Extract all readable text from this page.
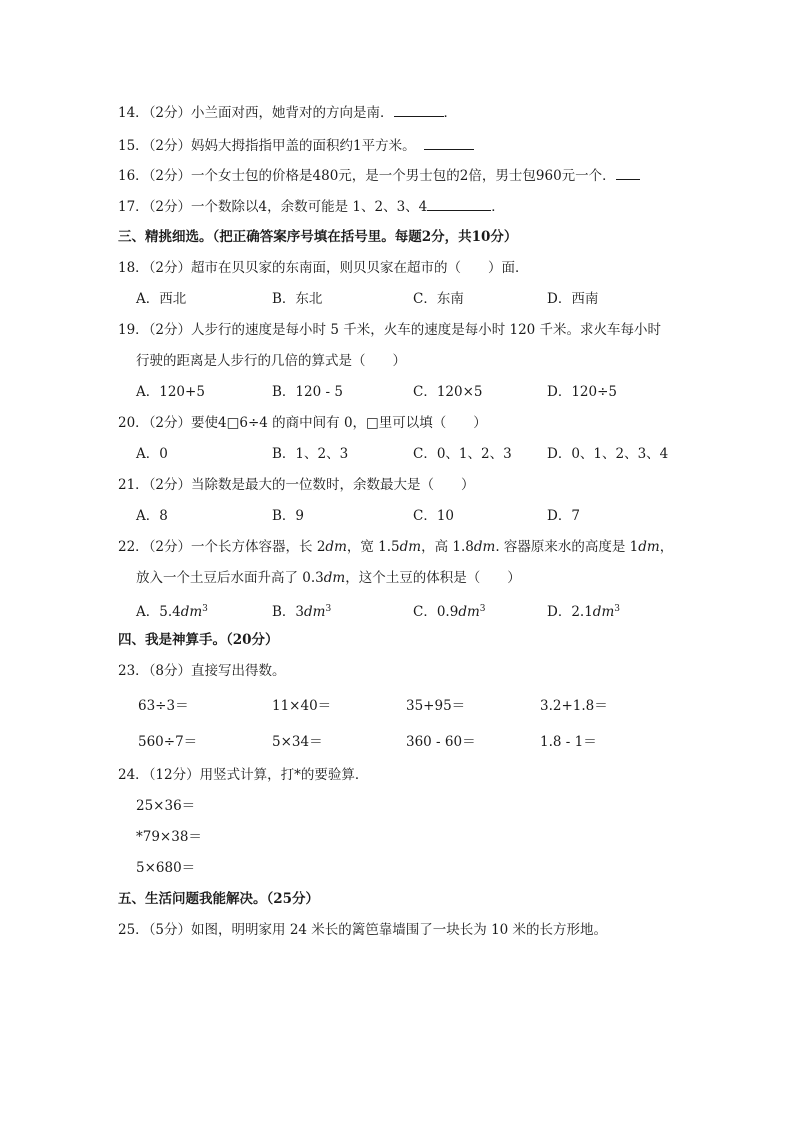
14．（2分）小兰面对西，她背对的方向是南．	．
15．（2分）妈妈大拇指指甲盖的面积约1平方米。
16．（2分）一个女士包的价格是480元，是一个男士包的2倍，男士包960元一个．
17．（2分）一个数除以4，余数可能是 1、2、3、4	．
三、精挑细选。（把正确答案序号填在括号里。每题2分，共10分）
18．（2分）超市在贝贝家的东南面，则贝贝家在超市的（　　）面．
A．西北	B．东北	C．东南	D．西南
19．（2分）人步行的速度是每小时 5 千米，火车的速度是每小时 120 千米。求火车每小时
行驶的距离是人步行的几倍的算式是（　　）
A．120+5	B．120 - 5	C．120×5	D．120÷5
20．（2分）要使4□6÷4 的商中间有 0，□里可以填（　　）
A．0	B．1、2、3	C．0、1、2、3	D．0、1、2、3、4
21．（2分）当除数是最大的一位数时，余数最大是（　　）
A．8	B．9	C．10	D．7
22．（2分）一个长方体容器，长 2dm，宽 1.5dm，高 1.8dm. 容器原来水的高度是 1dm，
放入一个土豆后水面升高了 0.3dm，这个土豆的体积是（　　）
A．$5.4dm^3$	B．$3dm^3$	C．$0.9dm^3$	D．$2.1dm^3$
四、我是神算手。（20分）
23．（8分）直接写出得数。
63÷3＝	11×40＝	35+95＝	3.2+1.8＝
560÷7＝	5×34＝	360 - 60＝	1.8 - 1＝
24．（12分）用竖式计算，打*的要验算．
25×36＝
*79×38＝
5×680＝
五、生活问题我能解决。（25分）
25．（5分）如图，明明家用 24 米长的篱笆靠墙围了一块长为 10 米的长方形地。
